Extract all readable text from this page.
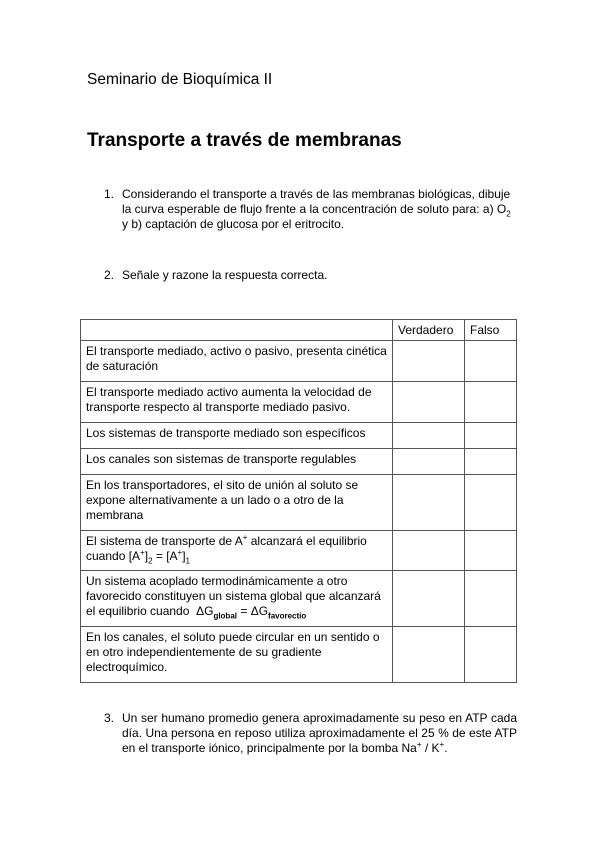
Seminario de Bioquímica II
Transporte a través de membranas
1. Considerando el transporte a través de las membranas biológicas, dibuje la curva esperable de flujo frente a la concentración de soluto para: a) $O_2$ y b) captación de glucosa por el eritrocito.
2. Señale y razone la respuesta correcta.
	Verdadero	Falso
El transporte mediado, activo o pasivo, presenta cinética de saturación		
El transporte mediado activo aumenta la velocidad de transporte respecto al transporte mediado pasivo.		
Los sistemas de transporte mediado son específicos		
Los canales son sistemas de transporte regulables		
En los transportadores, el sito de unión al soluto se expone alternativamente a un lado o a otro de la membrana		
El sistema de transporte de A+ alcanzará el equilibrio cuando $[A^+]_2 = [A^+]_1$		
Un sistema acoplado termodinámicamente a otro favorecido constituyen un sistema global que alcanzará el equilibrio cuando $\Delta G_{global} = \Delta G_{favorectio}$		
En los canales, el soluto puede circular en un sentido o en otro independientemente de su gradiente electroquímico.		
3. Un ser humano promedio genera aproximadamente su peso en ATP cada día. Una persona en reposo utiliza aproximadamente el 25 % de este ATP en el transporte iónico, principalmente por la bomba Na+ / K+.
